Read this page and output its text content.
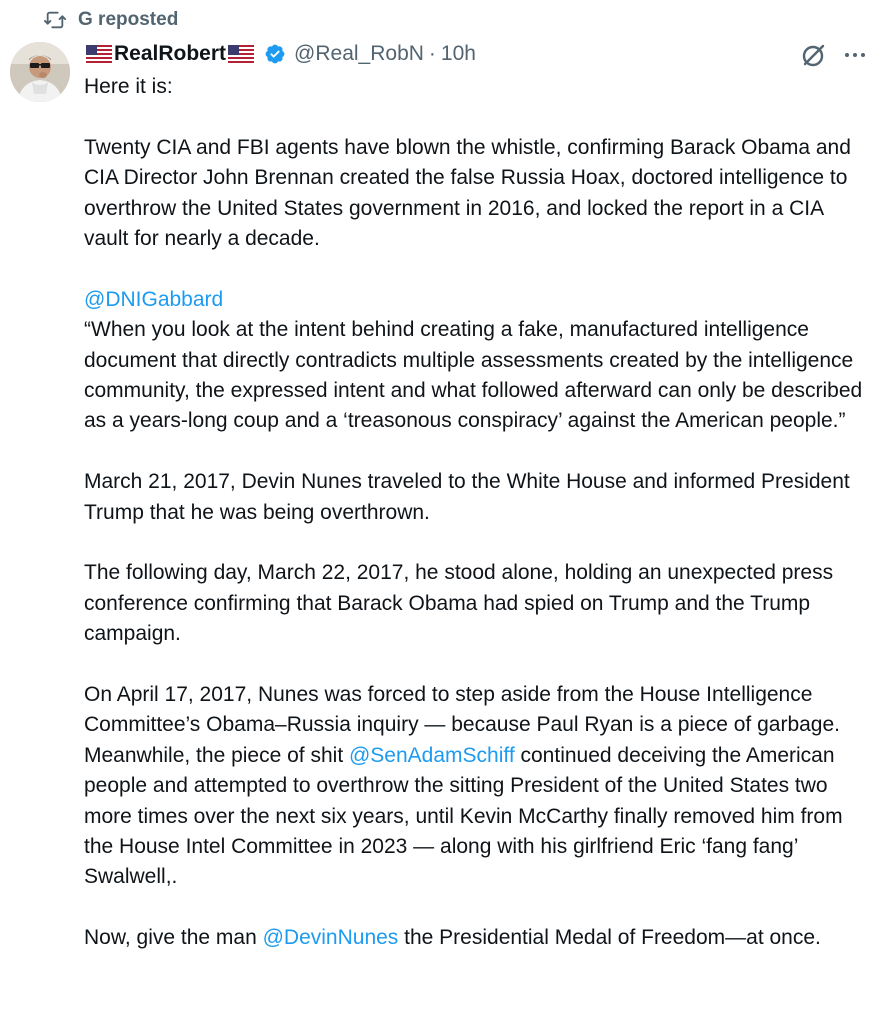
G reposted
RealRobert	@Real_RobN · 10h

Here it is:

Twenty CIA and FBI agents have blown the whistle, confirming Barack Obama and CIA Director John Brennan created the false Russia Hoax, doctored intelligence to overthrow the United States government in 2016, and locked the report in a CIA vault for nearly a decade.

@DNIGabbard

“When you look at the intent behind creating a fake, manufactured intelligence document that directly contradicts multiple assessments created by the intelligence community, the expressed intent and what followed afterward can only be described as a years-long coup and a ‘treasonous conspiracy’ against the American people.”

March 21, 2017, Devin Nunes traveled to the White House and informed President Trump that he was being overthrown.

The following day, March 22, 2017, he stood alone, holding an unexpected press conference confirming that Barack Obama had spied on Trump and the Trump campaign.

On April 17, 2017, Nunes was forced to step aside from the House Intelligence Committee’s Obama–Russia inquiry — because Paul Ryan is a piece of garbage. Meanwhile, the piece of shit @SenAdamSchiff continued deceiving the American people and attempted to overthrow the sitting President of the United States two more times over the next six years, until Kevin McCarthy finally removed him from the House Intel Committee in 2023 — along with his girlfriend Eric ‘fang fang’ Swalwell,.

Now, give the man @DevinNunes the Presidential Medal of Freedom—at once.
